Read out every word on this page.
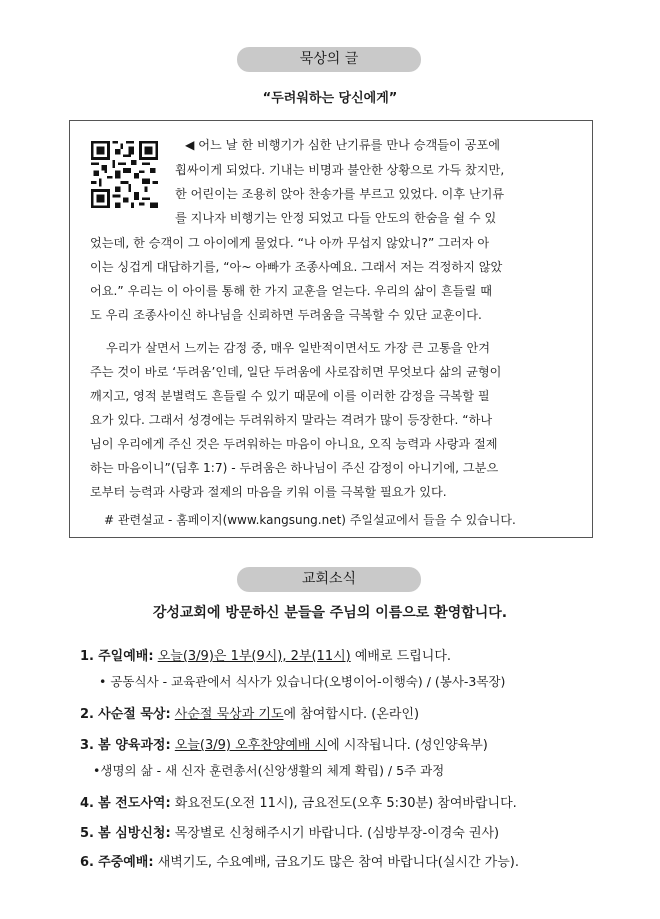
묵상의 글
“두려워하는 당신에게”
◀ 어느 날 한 비행기가 심한 난기류를 만나 승객들이 공포에
휩싸이게 되었다. 기내는 비명과 불안한 상황으로 가득 찼지만,
한 어린이는 조용히 앉아 찬송가를 부르고 있었다. 이후 난기류
를 지나자 비행기는 안정 되었고 다들 안도의 한숨을 쉴 수 있
었는데, 한 승객이 그 아이에게 물었다. “나 아까 무섭지 않았니?” 그러자 아
이는 싱겁게 대답하기를, “아~ 아빠가 조종사예요. 그래서 저는 걱정하지 않았
어요.” 우리는 이 아이를 통해 한 가지 교훈을 얻는다. 우리의 삶이 흔들릴 때
도 우리 조종사이신 하나님을 신뢰하면 두려움을 극복할 수 있단 교훈이다.
우리가 살면서 느끼는 감정 중, 매우 일반적이면서도 가장 큰 고통을 안겨
주는 것이 바로 ‘두려움’인데, 일단 두려움에 사로잡히면 무엇보다 삶의 균형이
깨지고, 영적 분별력도 흔들릴 수 있기 때문에 이를 이러한 감정을 극복할 필
요가 있다. 그래서 성경에는 두려워하지 말라는 격려가 많이 등장한다. “하나
님이 우리에게 주신 것은 두려워하는 마음이 아니요, 오직 능력과 사랑과 절제
하는 마음이니”(딤후 1:7) - 두려움은 하나님이 주신 감정이 아니기에, 그분으
로부터 능력과 사랑과 절제의 마음을 키워 이를 극복할 필요가 있다.
# 관련설교 - 홈페이지(www.kangsung.net) 주일설교에서 들을 수 있습니다.
교회소식
강성교회에 방문하신 분들을 주님의 이름으로 환영합니다.
1. 주일예배: 오늘(3/9)은 1부(9시), 2부(11시) 예배로 드립니다.
• 공동식사 - 교육관에서 식사가 있습니다(오병이어-이행숙) / (봉사-3목장)
2. 사순절 묵상: 사순절 묵상과 기도에 참여합시다. (온라인)
3. 봄 양육과정: 오늘(3/9) 오후찬양예배 시에 시작됩니다. (성인양육부)
•생명의 삶 - 새 신자 훈련총서(신앙생활의 체계 확립) / 5주 과정
4. 봄 전도사역: 화요전도(오전 11시), 금요전도(오후 5:30분) 참여바랍니다.
5. 봄 심방신청: 목장별로 신청해주시기 바랍니다. (심방부장-이경숙 권사)
6. 주중예배: 새벽기도, 수요예배, 금요기도 많은 참여 바랍니다(실시간 가능).
